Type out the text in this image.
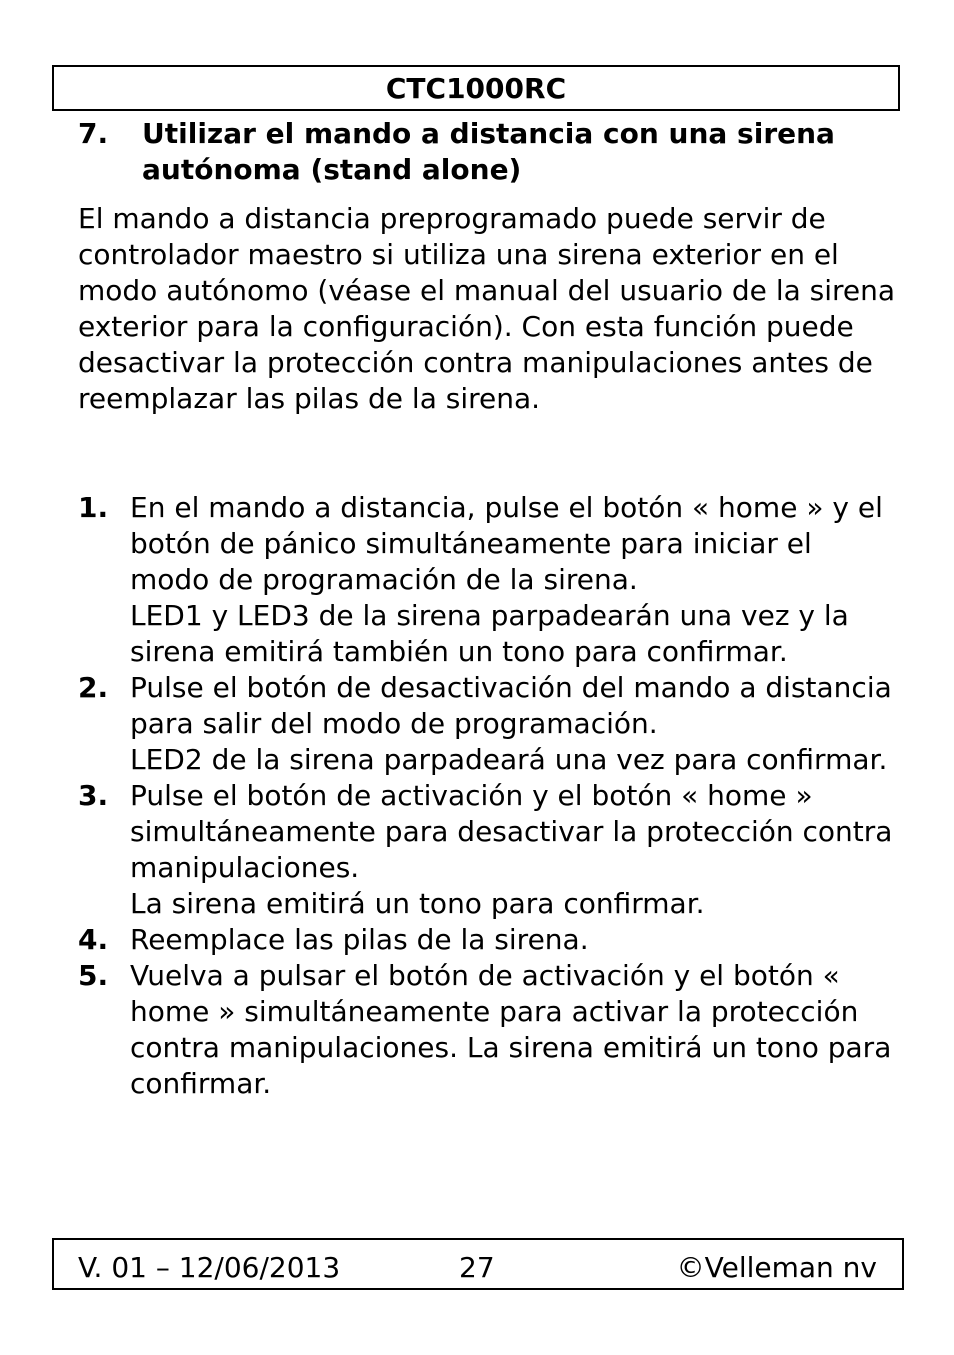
CTC1000RC
7.	Utilizar el mando a distancia con una sirena autónoma (stand alone)

El mando a distancia preprogramado puede servir de controlador maestro si utiliza una sirena exterior en el modo autónomo (véase el manual del usuario de la sirena exterior para la configuración). Con esta función puede desactivar la protección contra manipulaciones antes de reemplazar las pilas de la sirena.

1. En el mando a distancia, pulse el botón « home » y el botón de pánico simultáneamente para iniciar el modo de programación de la sirena.
LED1 y LED3 de la sirena parpadearán una vez y la sirena emitirá también un tono para confirmar.
2. Pulse el botón de desactivación del mando a distancia para salir del modo de programación.
LED2 de la sirena parpadeará una vez para confirmar.
3. Pulse el botón de activación y el botón « home » simultáneamente para desactivar la protección contra manipulaciones.
La sirena emitirá un tono para confirmar.
4. Reemplace las pilas de la sirena.
5. Vuelva a pulsar el botón de activación y el botón « home » simultáneamente para activar la protección contra manipulaciones. La sirena emitirá un tono para confirmar.
V. 01 – 12/06/2013	27	©Velleman nv
